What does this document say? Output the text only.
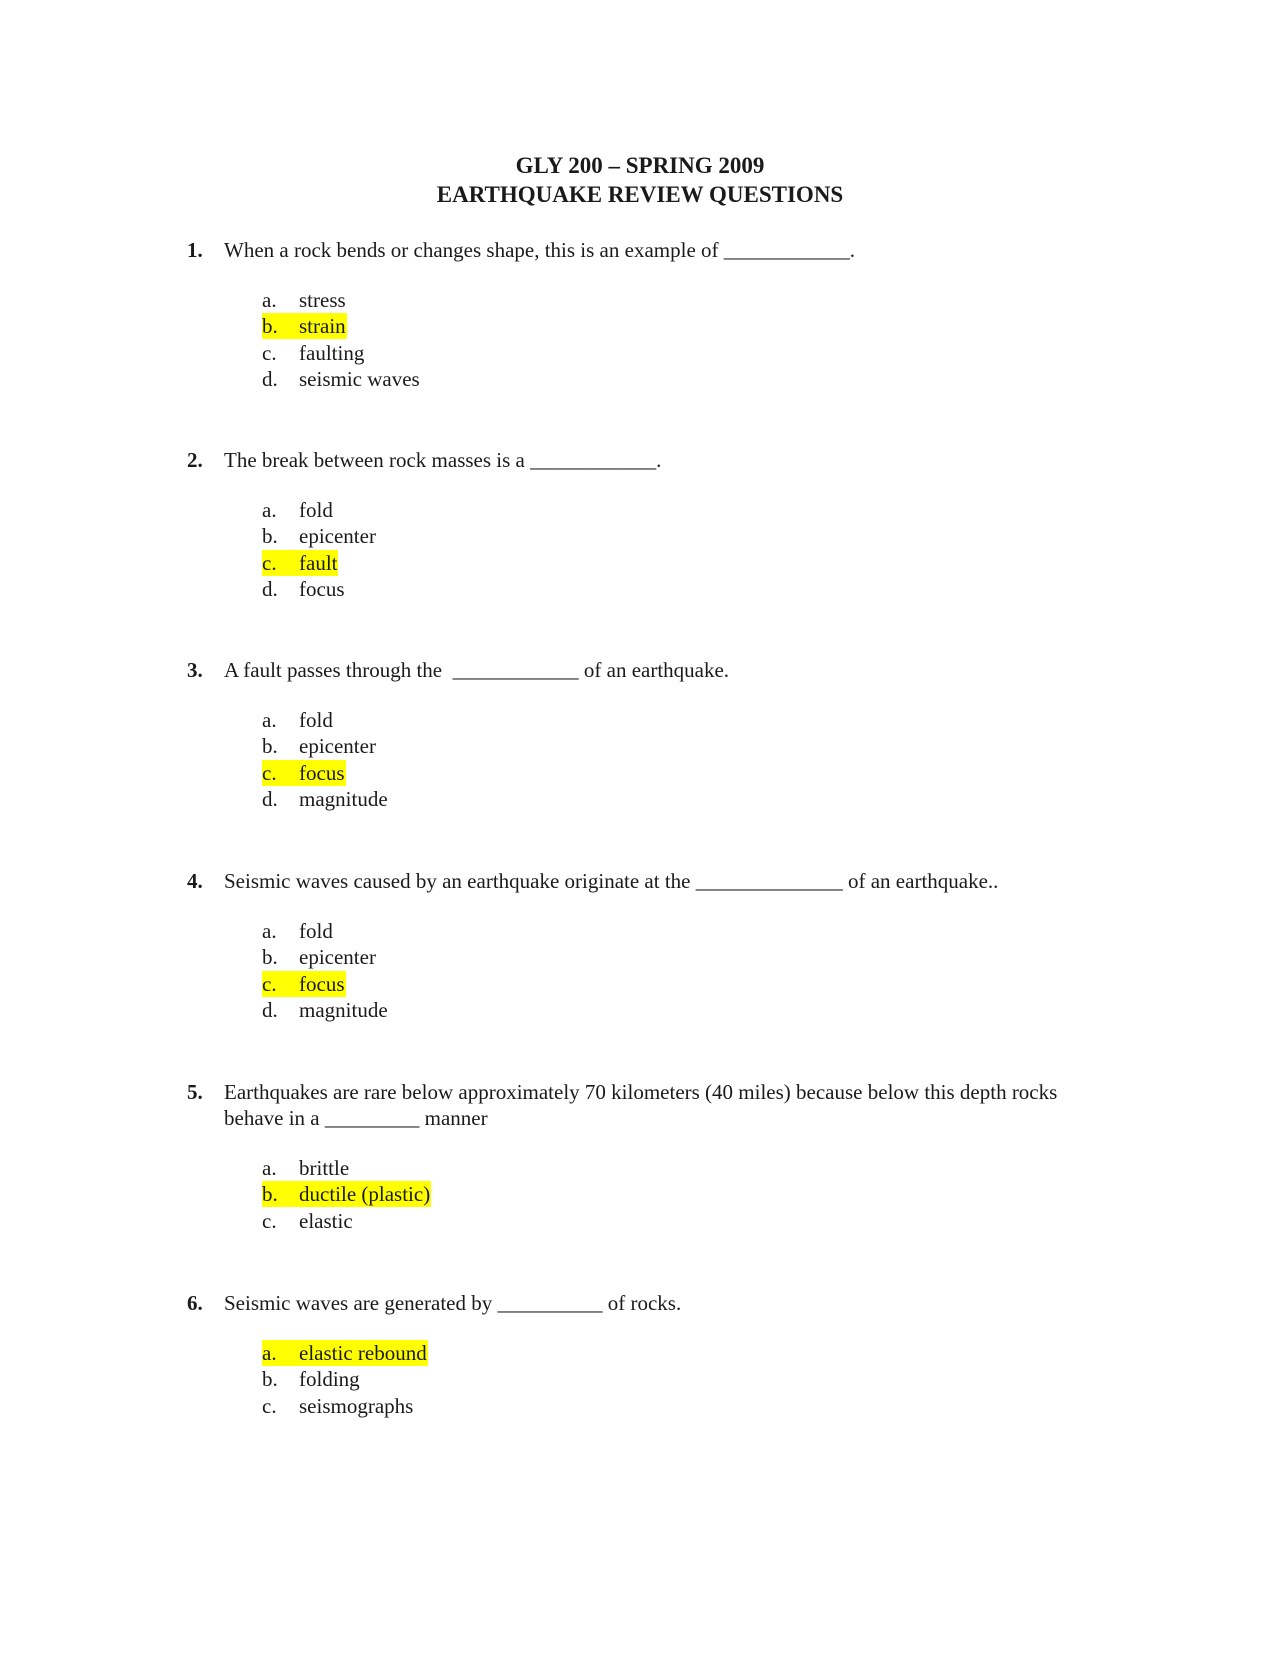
GLY 200 – SPRING 2009
EARTHQUAKE REVIEW QUESTIONS
1. When a rock bends or changes shape, this is an example of ____________.
a. stress
b. strain
c. faulting
d. seismic waves
2. The break between rock masses is a ____________.
a. fold
b. epicenter
c. fault
d. focus
3. A fault passes through the  ____________ of an earthquake.
a. fold
b. epicenter
c. focus
d. magnitude
4. Seismic waves caused by an earthquake originate at the ______________ of an earthquake..
a. fold
b. epicenter
c. focus
d. magnitude
5. Earthquakes are rare below approximately 70 kilometers (40 miles) because below this depth rocks behave in a _________ manner
a. brittle
b. ductile (plastic)
c. elastic
6. Seismic waves are generated by __________ of rocks.
a. elastic rebound
b. folding
c. seismographs
